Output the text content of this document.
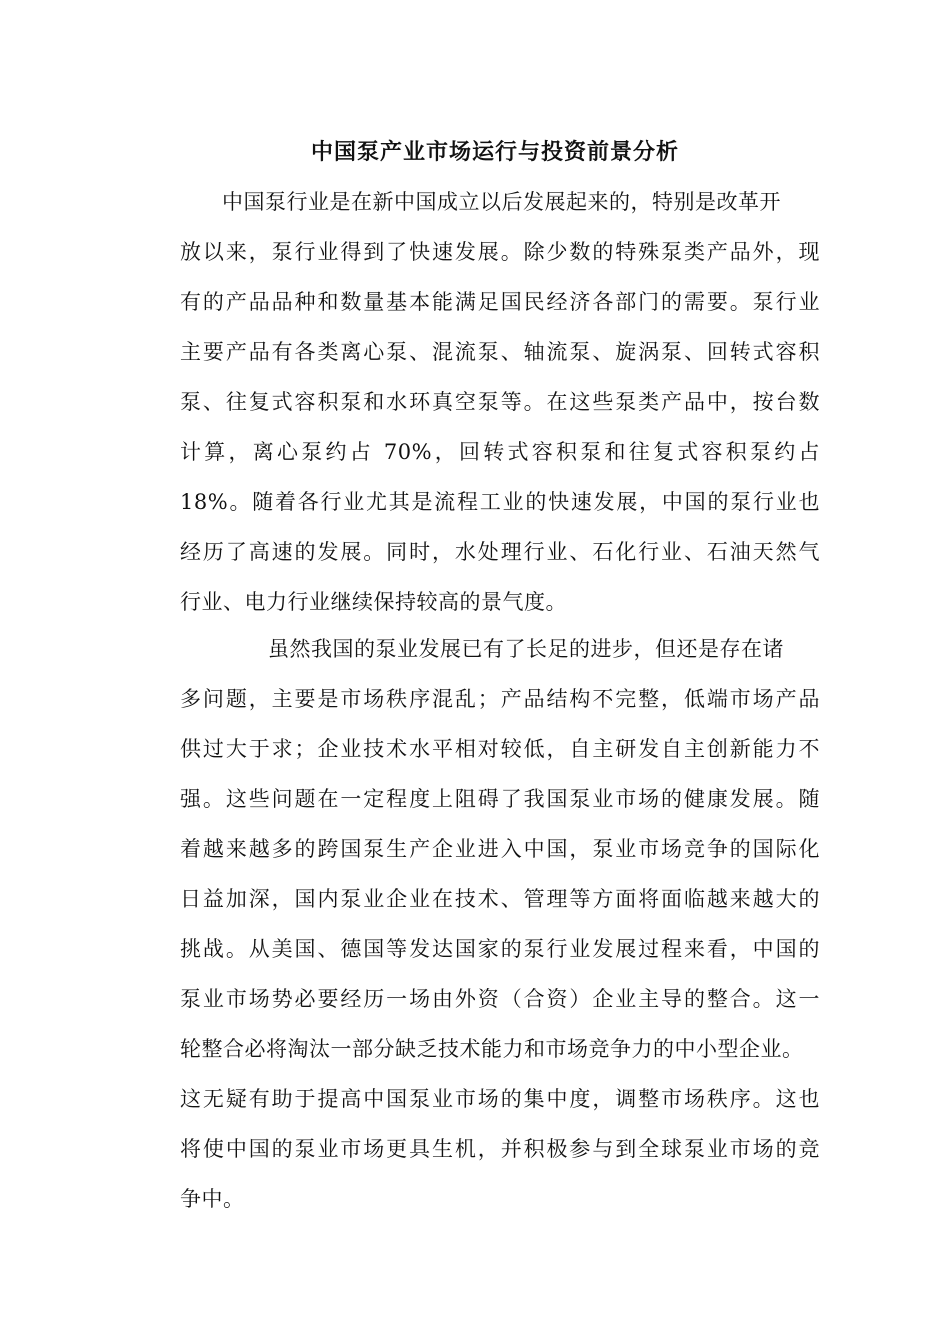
中国泵产业市场运行与投资前景分析
中国泵行业是在新中国成立以后发展起来的，特别是改革开
放以来，泵行业得到了快速发展。除少数的特殊泵类产品外，现
有的产品品种和数量基本能满足国民经济各部门的需要。泵行业
主要产品有各类离心泵、混流泵、轴流泵、旋涡泵、回转式容积
泵、往复式容积泵和水环真空泵等。在这些泵类产品中，按台数
计算，离心泵约占 70%，回转式容积泵和往复式容积泵约占
18%。随着各行业尤其是流程工业的快速发展，中国的泵行业也
经历了高速的发展。同时，水处理行业、石化行业、石油天然气
行业、电力行业继续保持较高的景气度。
虽然我国的泵业发展已有了长足的进步，但还是存在诸
多问题，主要是市场秩序混乱；产品结构不完整，低端市场产品
供过大于求；企业技术水平相对较低，自主研发自主创新能力不
强。这些问题在一定程度上阻碍了我国泵业市场的健康发展。随
着越来越多的跨国泵生产企业进入中国，泵业市场竞争的国际化
日益加深，国内泵业企业在技术、管理等方面将面临越来越大的
挑战。从美国、德国等发达国家的泵行业发展过程来看，中国的
泵业市场势必要经历一场由外资（合资）企业主导的整合。这一
轮整合必将淘汰一部分缺乏技术能力和市场竞争力的中小型企业。
这无疑有助于提高中国泵业市场的集中度，调整市场秩序。这也
将使中国的泵业市场更具生机，并积极参与到全球泵业市场的竞
争中。
